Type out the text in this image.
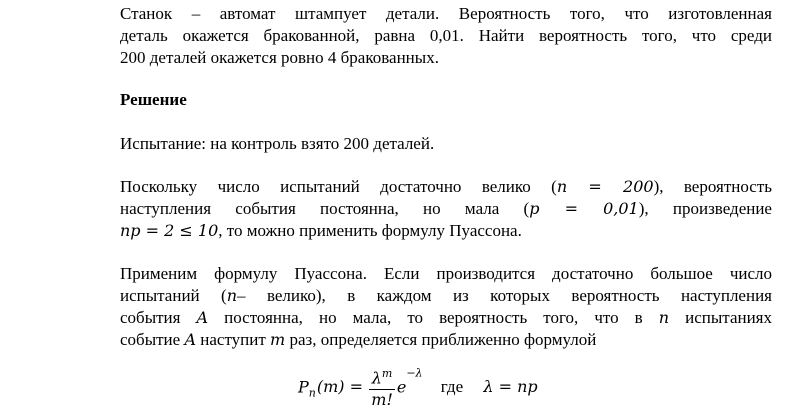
Станок – автомат штампует детали. Вероятность того, что изготовленная
деталь окажется бракованной, равна 0,01. Найти вероятность того, что среди
200 деталей окажется ровно 4 бракованных.

Решение

Испытание: на контроль взято 200 деталей.

Поскольку число испытаний достаточно велико (n = 200), вероятность
наступления события постоянна, но мала (p = 0,01), произведение
np = 2 ≤ 10, то можно применить формулу Пуассона.

Применим формулу Пуассона. Если производится достаточно большое число
испытаний (n– велико), в каждом из которых вероятность наступления
события A постоянна, но мала, то вероятность того, что в n испытаниях
событие A наступит m раз, определяется приближенно формулой

$P_n(m) = \frac{\lambda^m}{m!} e^{-\lambda}$ где λ = np
